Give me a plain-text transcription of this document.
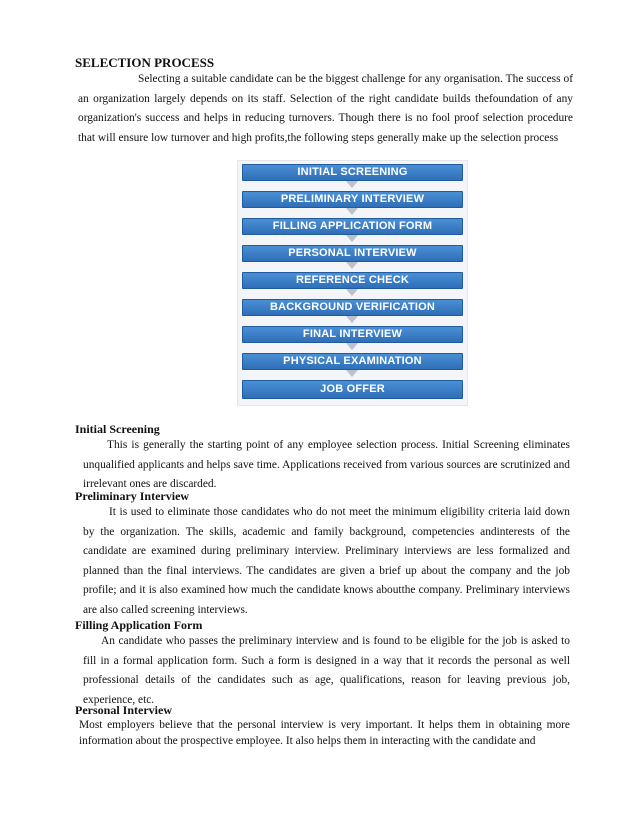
SELECTION PROCESS
Selecting a suitable candidate can be the biggest challenge for any organisation. The success of an organization largely depends on its staff. Selection of the right candidate builds thefoundation of any organization's success and helps in reducing turnovers. Though there is no fool proof selection procedure that will ensure low turnover and high profits,the following steps generally make up the selection process
INITIAL SCREENING
PRELIMINARY INTERVIEW
FILLING APPLICATION FORM
PERSONAL INTERVIEW
REFERENCE CHECK
BACKGROUND VERIFICATION
FINAL INTERVIEW
PHYSICAL EXAMINATION
JOB OFFER
Initial Screening
This is generally the starting point of any employee selection process. Initial Screening eliminates unqualified applicants and helps save time. Applications received from various sources are scrutinized and irrelevant ones are discarded.
Preliminary Interview
It is used to eliminate those candidates who do not meet the minimum eligibility criteria laid down by the organization. The skills, academic and family background, competencies andinterests of the candidate are examined during preliminary interview. Preliminary interviews are less formalized and planned than the final interviews. The candidates are given a brief up about the company and the job profile; and it is also examined how much the candidate knows aboutthe company. Preliminary interviews are also called screening interviews.
Filling Application Form
An candidate who passes the preliminary interview and is found to be eligible for the job is asked to fill in a formal application form. Such a form is designed in a way that it records the personal as well professional details of the candidates such as age, qualifications, reason for leaving previous job, experience, etc.
Personal Interview
Most employers believe that the personal interview is very important. It helps them in obtaining more information about the prospective employee. It also helps them in interacting with the candidate and
